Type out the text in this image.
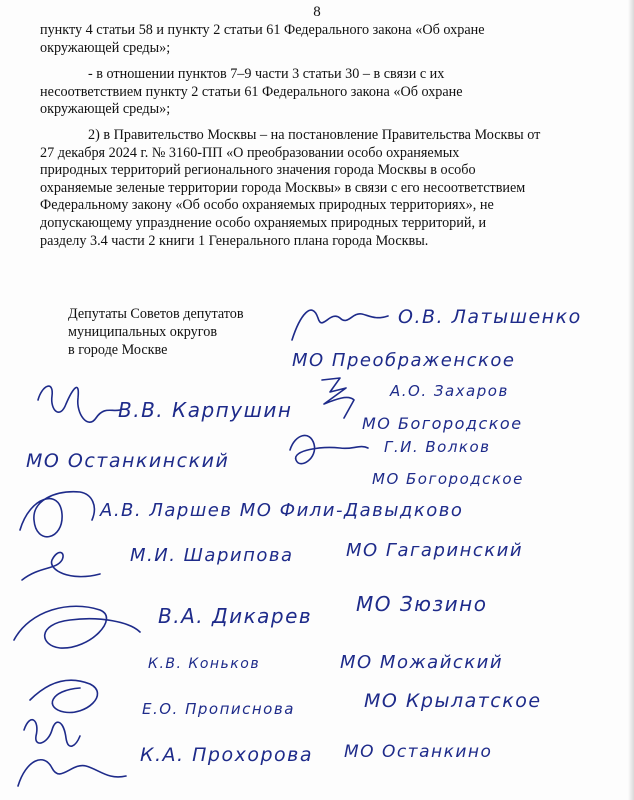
8
пункту 4 статьи 58 и пункту 2 статьи 61 Федерального закона «Об охране
окружающей среды»;
- в отношении пунктов 7–9 части 3 статьи 30 – в связи с их
несоответствием пункту 2 статьи 61 Федерального закона «Об охране
окружающей среды»;
2) в Правительство Москвы – на постановление Правительства Москвы от
27 декабря 2024 г. № 3160-ПП «О преобразовании особо охраняемых
природных территорий регионального значения города Москвы в особо
охраняемые зеленые территории города Москвы» в связи с его несоответствием
Федеральному закону «Об особо охраняемых природных территориях», не
допускающему упразднение особо охраняемых природных территорий, и
разделу 3.4 части 2 книги 1 Генерального плана города Москвы.
Депутаты Советов депутатов
муниципальных округов
в городе Москве
О.В. Латышенко
МО Преображенское
А.О. Захаров
МО Богородское
В.В. Карпушин
МО Останкинский
Г.И. Волков
МО Богородское
А.В. Ларшев МО Фили-Давыдково
М.И. Шарипова	МО Гагаринский
В.А. Дикарев МО Зюзино
К.В. Коньков	МО Можайский
Е.О. Прописнова	МО Крылатское
К.А. Прохорова МО Останкино
